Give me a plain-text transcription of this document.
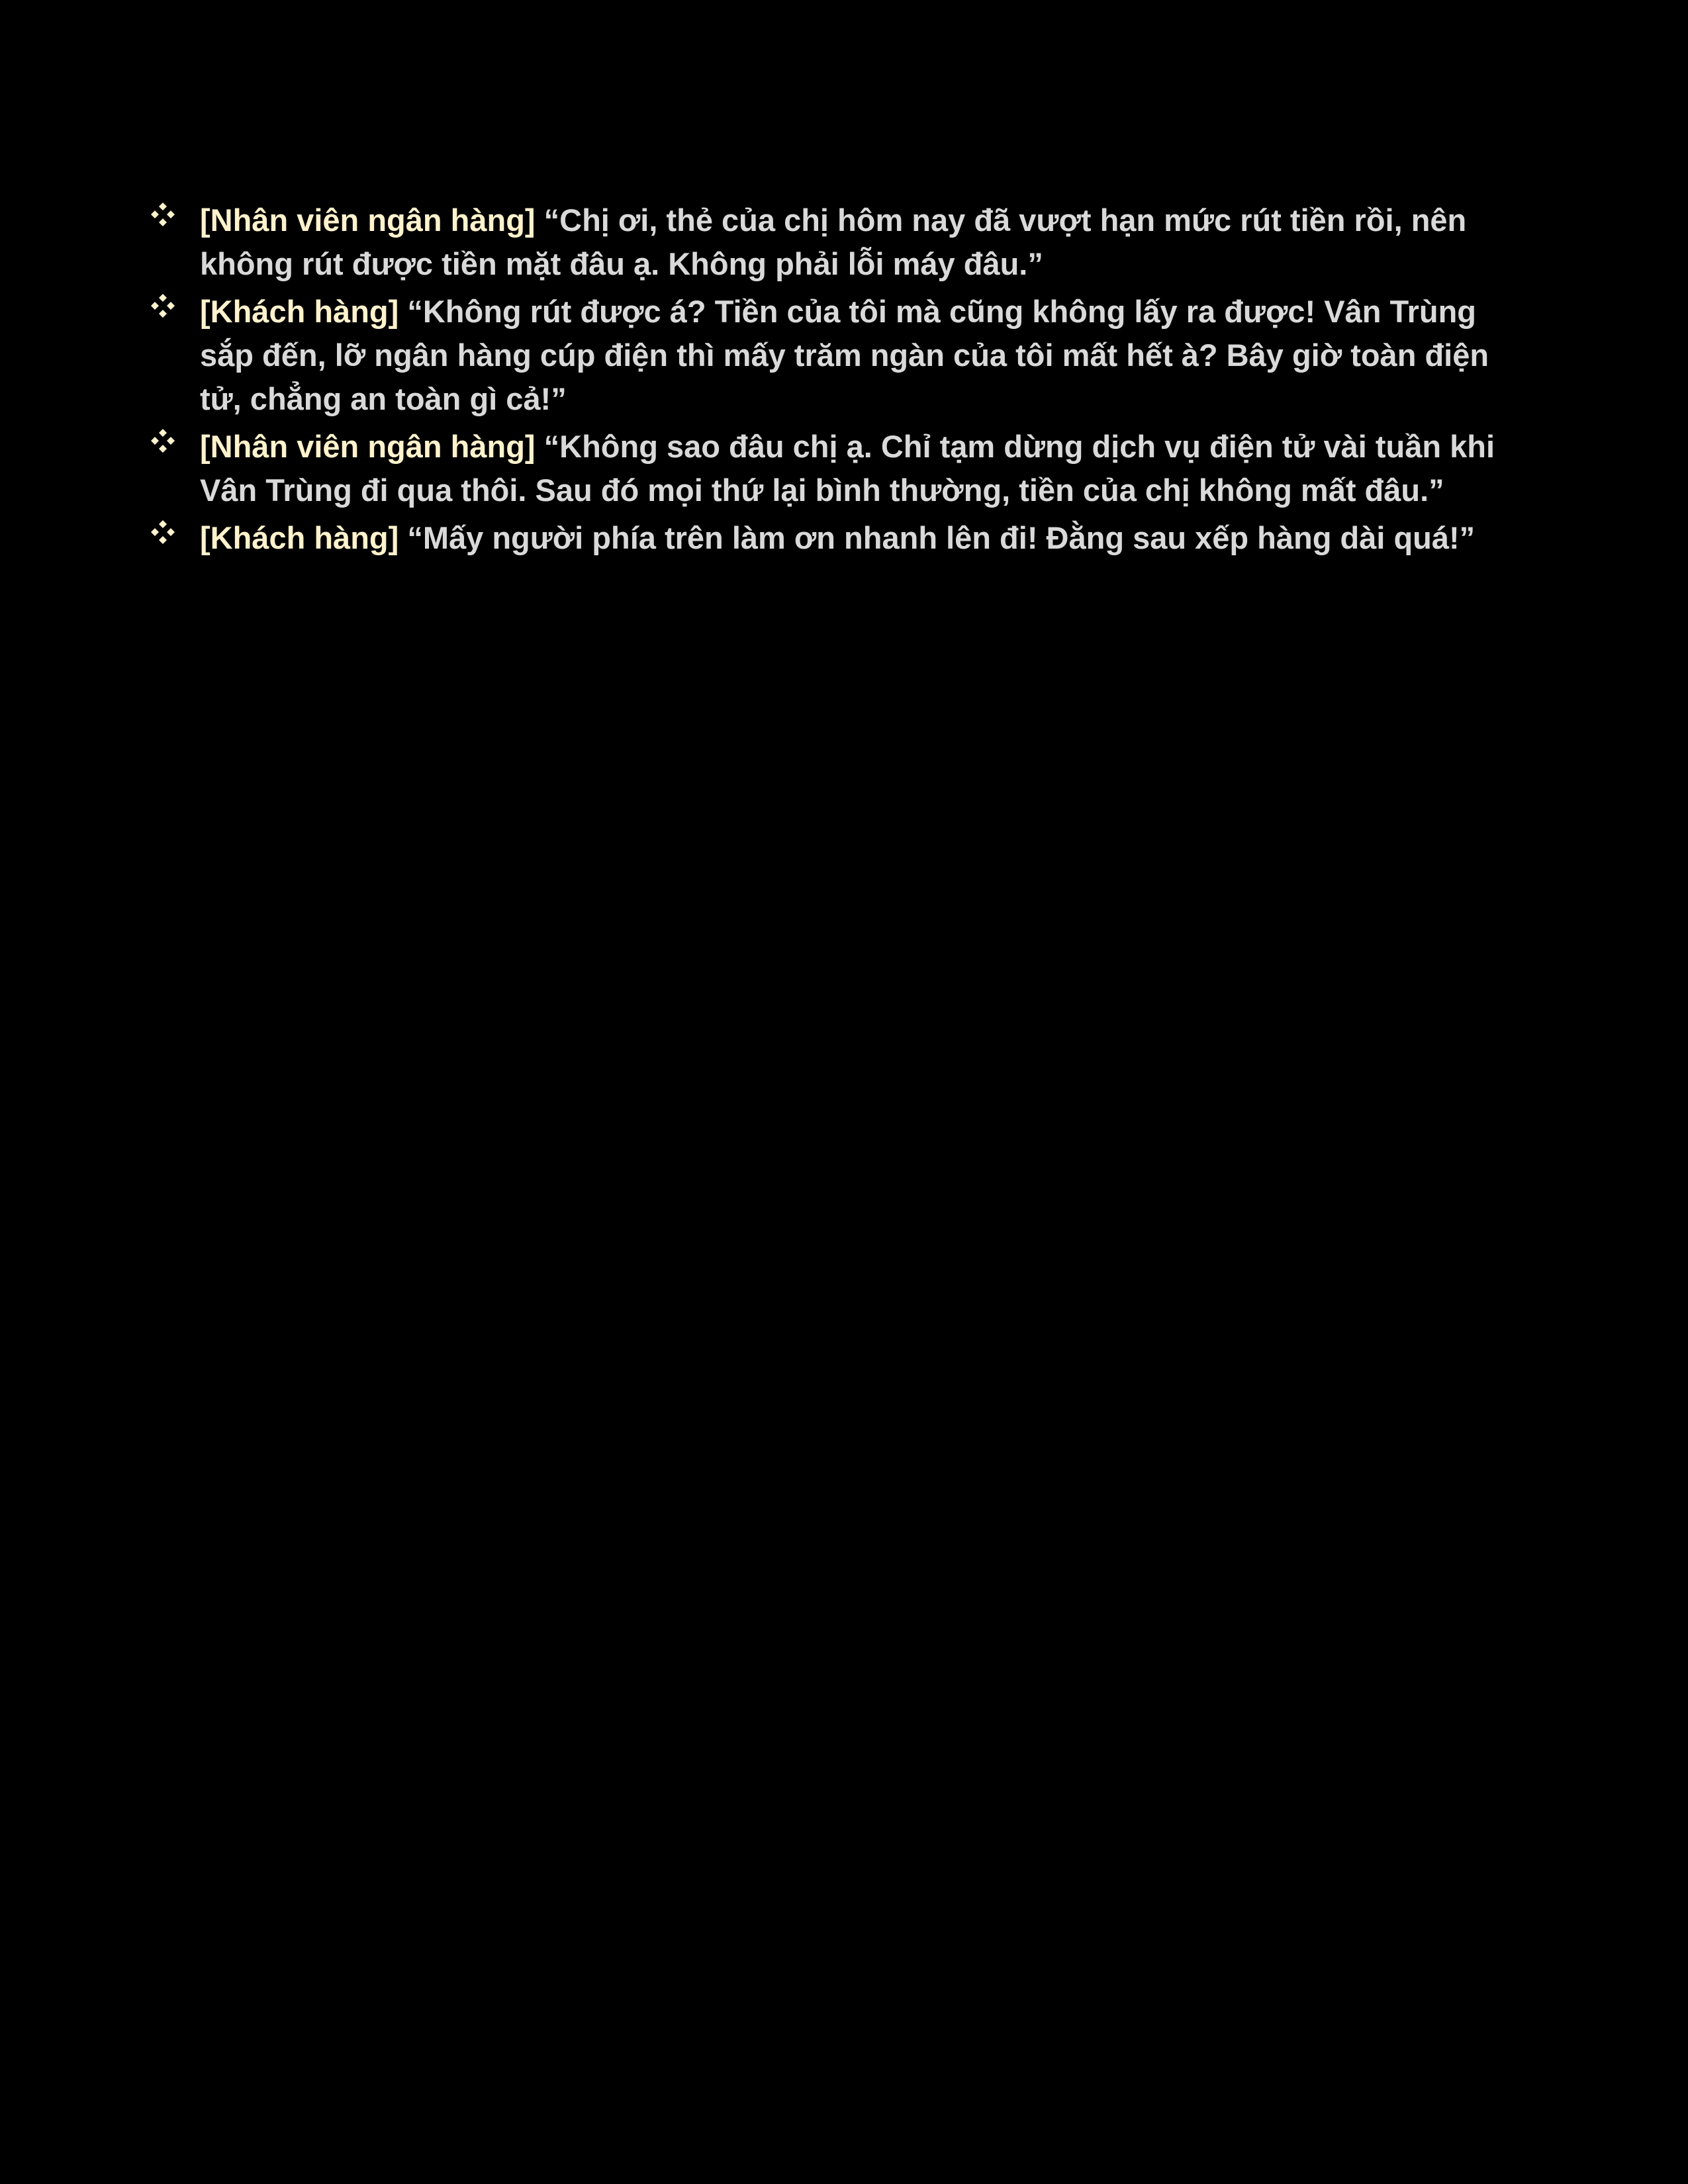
[Nhân viên ngân hàng] “Chị ơi, thẻ của chị hôm nay đã vượt hạn mức rút tiền rồi, nên không rút được tiền mặt đâu ạ. Không phải lỗi máy đâu.”
[Khách hàng] “Không rút được á? Tiền của tôi mà cũng không lấy ra được! Vân Trùng sắp đến, lỡ ngân hàng cúp điện thì mấy trăm ngàn của tôi mất hết à? Bây giờ toàn điện tử, chẳng an toàn gì cả!”
[Nhân viên ngân hàng] “Không sao đâu chị ạ. Chỉ tạm dừng dịch vụ điện tử vài tuần khi Vân Trùng đi qua thôi. Sau đó mọi thứ lại bình thường, tiền của chị không mất đâu.”
[Khách hàng] “Mấy người phía trên làm ơn nhanh lên đi! Đằng sau xếp hàng dài quá!”
